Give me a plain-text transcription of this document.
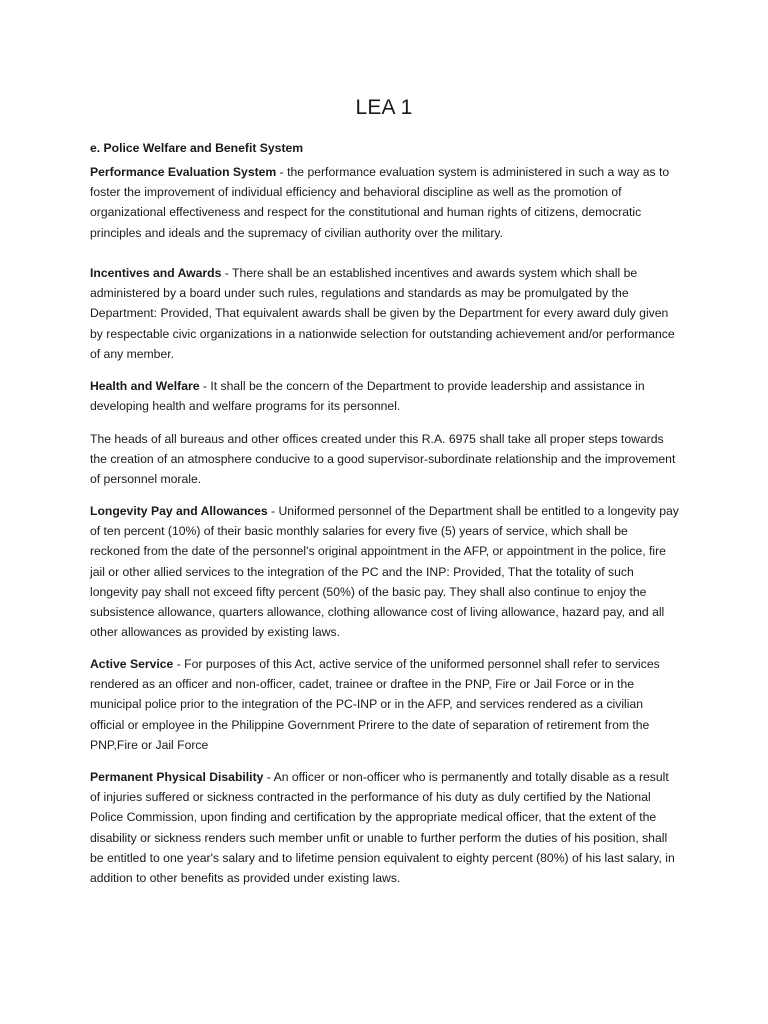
LEA 1
e. Police Welfare and Benefit System

Performance Evaluation System - the performance evaluation system is administered in such a way as to foster the improvement of individual efficiency and behavioral discipline as well as the promotion of organizational effectiveness and respect for the constitutional and human rights of citizens, democratic principles and ideals and the supremacy of civilian authority over the military.

Incentives and Awards - There shall be an established incentives and awards system which shall be administered by a board under such rules, regulations and standards as may be promulgated by the Department: Provided, That equivalent awards shall be given by the Department for every award duly given by respectable civic organizations in a nationwide selection for outstanding achievement and/or performance of any member.

Health and Welfare - It shall be the concern of the Department to provide leadership and assistance in developing health and welfare programs for its personnel.

The heads of all bureaus and other offices created under this R.A. 6975 shall take all proper steps towards the creation of an atmosphere conducive to a good supervisor-subordinate relationship and the improvement of personnel morale.

Longevity Pay and Allowances - Uniformed personnel of the Department shall be entitled to a longevity pay of ten percent (10%) of their basic monthly salaries for every five (5) years of service, which shall be reckoned from the date of the personnel's original appointment in the AFP, or appointment in the police, fire jail or other allied services to the integration of the PC and the INP: Provided, That the totality of such longevity pay shall not exceed fifty percent (50%) of the basic pay. They shall also continue to enjoy the subsistence allowance, quarters allowance, clothing allowance cost of living allowance, hazard pay, and all other allowances as provided by existing laws.

Active Service - For purposes of this Act, active service of the uniformed personnel shall refer to services rendered as an officer and non-officer, cadet, trainee or draftee in the PNP, Fire or Jail Force or in the municipal police prior to the integration of the PC-INP or in the AFP, and services rendered as a civilian official or employee in the Philippine Government Prirere to the date of separation of retirement from the PNP,Fire or Jail Force

Permanent Physical Disability - An officer or non-officer who is permanently and totally disable as a result of injuries suffered or sickness contracted in the performance of his duty as duly certified by the National Police Commission, upon finding and certification by the appropriate medical officer, that the extent of the disability or sickness renders such member unfit or unable to further perform the duties of his position, shall be entitled to one year's salary and to lifetime pension equivalent to eighty percent (80%) of his last salary, in addition to other benefits as provided under existing laws.
